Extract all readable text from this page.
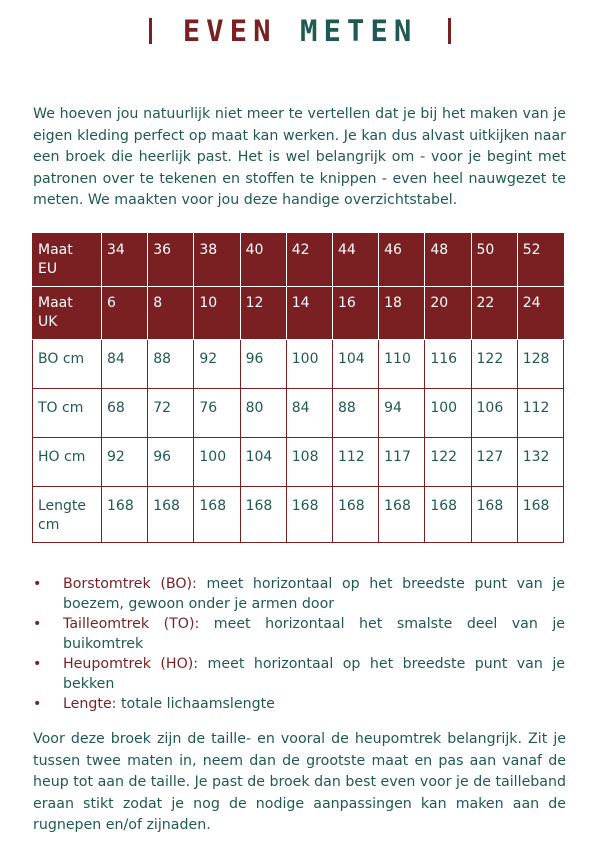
EVEN METEN

We hoeven jou natuurlijk niet meer te vertellen dat je bij het maken van je eigen kleding perfect op maat kan werken. Je kan dus alvast uitkijken naar een broek die heerlijk past. Het is wel belangrijk om - voor je begint met patronen over te tekenen en stoffen te knippen - even heel nauwgezet te meten. We maakten voor jou deze handige overzichtstabel.

Maat EU	34	36	38	40	42	44	46	48	50	52
Maat UK	6	8	10	12	14	16	18	20	22	24
BO cm	84	88	92	96	100	104	110	116	122	128
TO cm	68	72	76	80	84	88	94	100	106	112
HO cm	92	96	100	104	108	112	117	122	127	132
Lengte cm	168	168	168	168	168	168	168	168	168	168
• Borstomtrek (BO): meet horizontaal op het breedste punt van je boezem, gewoon onder je armen door
• Tailleomtrek (TO): meet horizontaal het smalste deel van je buikomtrek
• Heupomtrek (HO): meet horizontaal op het breedste punt van je bekken
• Lengte: totale lichaamslengte

Voor deze broek zijn de taille- en vooral de heupomtrek belangrijk. Zit je tussen twee maten in, neem dan de grootste maat en pas aan vanaf de heup tot aan de taille. Je past de broek dan best even voor je de tailleband eraan stikt zodat je nog de nodige aanpassingen kan maken aan de rugnepen en/of zijnaden.
